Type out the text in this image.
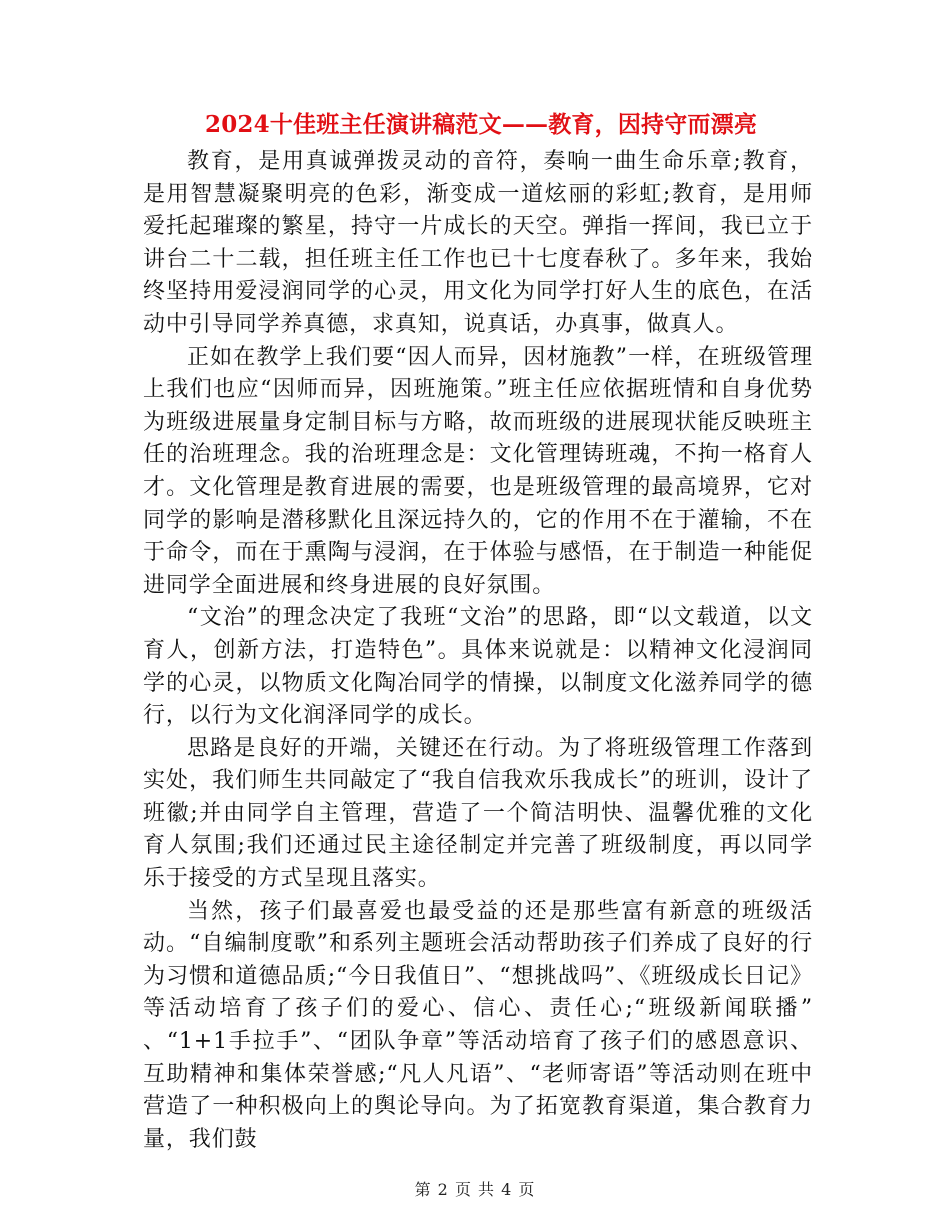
2024十佳班主任演讲稿范文——教育，因持守而漂亮

教育，是用真诚弹拨灵动的音符，奏响一曲生命乐章;教育，是用智慧凝聚明亮的色彩，渐变成一道炫丽的彩虹;教育，是用师爱托起璀璨的繁星，持守一片成长的天空。弹指一挥间，我已立于讲台二十二载，担任班主任工作也已十七度春秋了。多年来，我始终坚持用爱浸润同学的心灵，用文化为同学打好人生的底色，在活动中引导同学养真德，求真知，说真话，办真事，做真人。

正如在教学上我们要“因人而异，因材施教”一样，在班级管理上我们也应“因师而异，因班施策。”班主任应依据班情和自身优势为班级进展量身定制目标与方略，故而班级的进展现状能反映班主任的治班理念。我的治班理念是：文化管理铸班魂，不拘一格育人才。文化管理是教育进展的需要，也是班级管理的最高境界，它对同学的影响是潜移默化且深远持久的，它的作用不在于灌输，不在于命令，而在于熏陶与浸润，在于体验与感悟，在于制造一种能促进同学全面进展和终身进展的良好氛围。

“文治”的理念决定了我班“文治”的思路，即“以文载道，以文育人，创新方法，打造特色”。具体来说就是：以精神文化浸润同学的心灵，以物质文化陶冶同学的情操，以制度文化滋养同学的德行，以行为文化润泽同学的成长。

思路是良好的开端，关键还在行动。为了将班级管理工作落到实处，我们师生共同敲定了“我自信我欢乐我成长”的班训，设计了班徽;并由同学自主管理，营造了一个简洁明快、温馨优雅的文化育人氛围;我们还通过民主途径制定并完善了班级制度，再以同学乐于接受的方式呈现且落实。

当然，孩子们最喜爱也最受益的还是那些富有新意的班级活动。“自编制度歌”和系列主题班会活动帮助孩子们养成了良好的行为习惯和道德品质;“今日我值日”、“想挑战吗”、《班级成长日记》等活动培育了孩子们的爱心、信心、责任心;“班级新闻联播” 、“1+1手拉手”、“团队争章”等活动培育了孩子们的感恩意识、互助精神和集体荣誉感;“凡人凡语”、“老师寄语”等活动则在班中营造了一种积极向上的舆论导向。为了拓宽教育渠道，集合教育力量，我们鼓

第 2 页 共 4 页
